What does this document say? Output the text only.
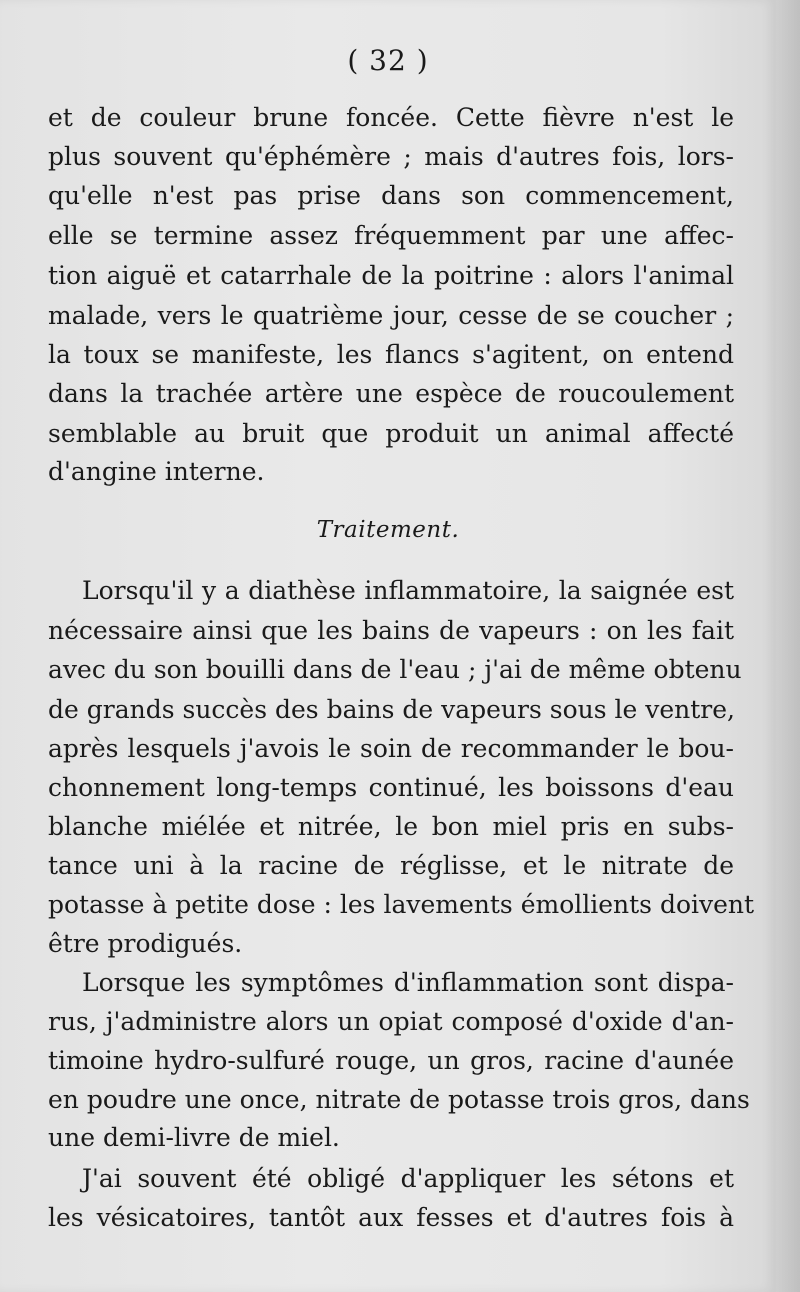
( 32 )
et de couleur brune foncée. Cette fièvre n'est le
plus souvent qu'éphémère ; mais d'autres fois, lors-
qu'elle n'est pas prise dans son commencement,
elle se termine assez fréquemment par une affec-
tion aiguë et catarrhale de la poitrine : alors l'animal
malade, vers le quatrième jour, cesse de se coucher ;
la toux se manifeste, les flancs s'agitent, on entend
dans la trachée artère une espèce de roucoulement
semblable au bruit que produit un animal affecté
d'angine interne.
Traitement.
Lorsqu'il y a diathèse inflammatoire, la saignée est
nécessaire ainsi que les bains de vapeurs : on les fait
avec du son bouilli dans de l'eau ; j'ai de même obtenu
de grands succès des bains de vapeurs sous le ventre,
après lesquels j'avois le soin de recommander le bou-
chonnement long-temps continué, les boissons d'eau
blanche miélée et nitrée, le bon miel pris en subs-
tance uni à la racine de réglisse, et le nitrate de
potasse à petite dose : les lavements émollients doivent
être prodigués.
Lorsque les symptômes d'inflammation sont dispa-
rus, j'administre alors un opiat composé d'oxide d'an-
timoine hydro-sulfuré rouge, un gros, racine d'aunée
en poudre une once, nitrate de potasse trois gros, dans
une demi-livre de miel.
J'ai souvent été obligé d'appliquer les sétons et
les vésicatoires, tantôt aux fesses et d'autres fois à
